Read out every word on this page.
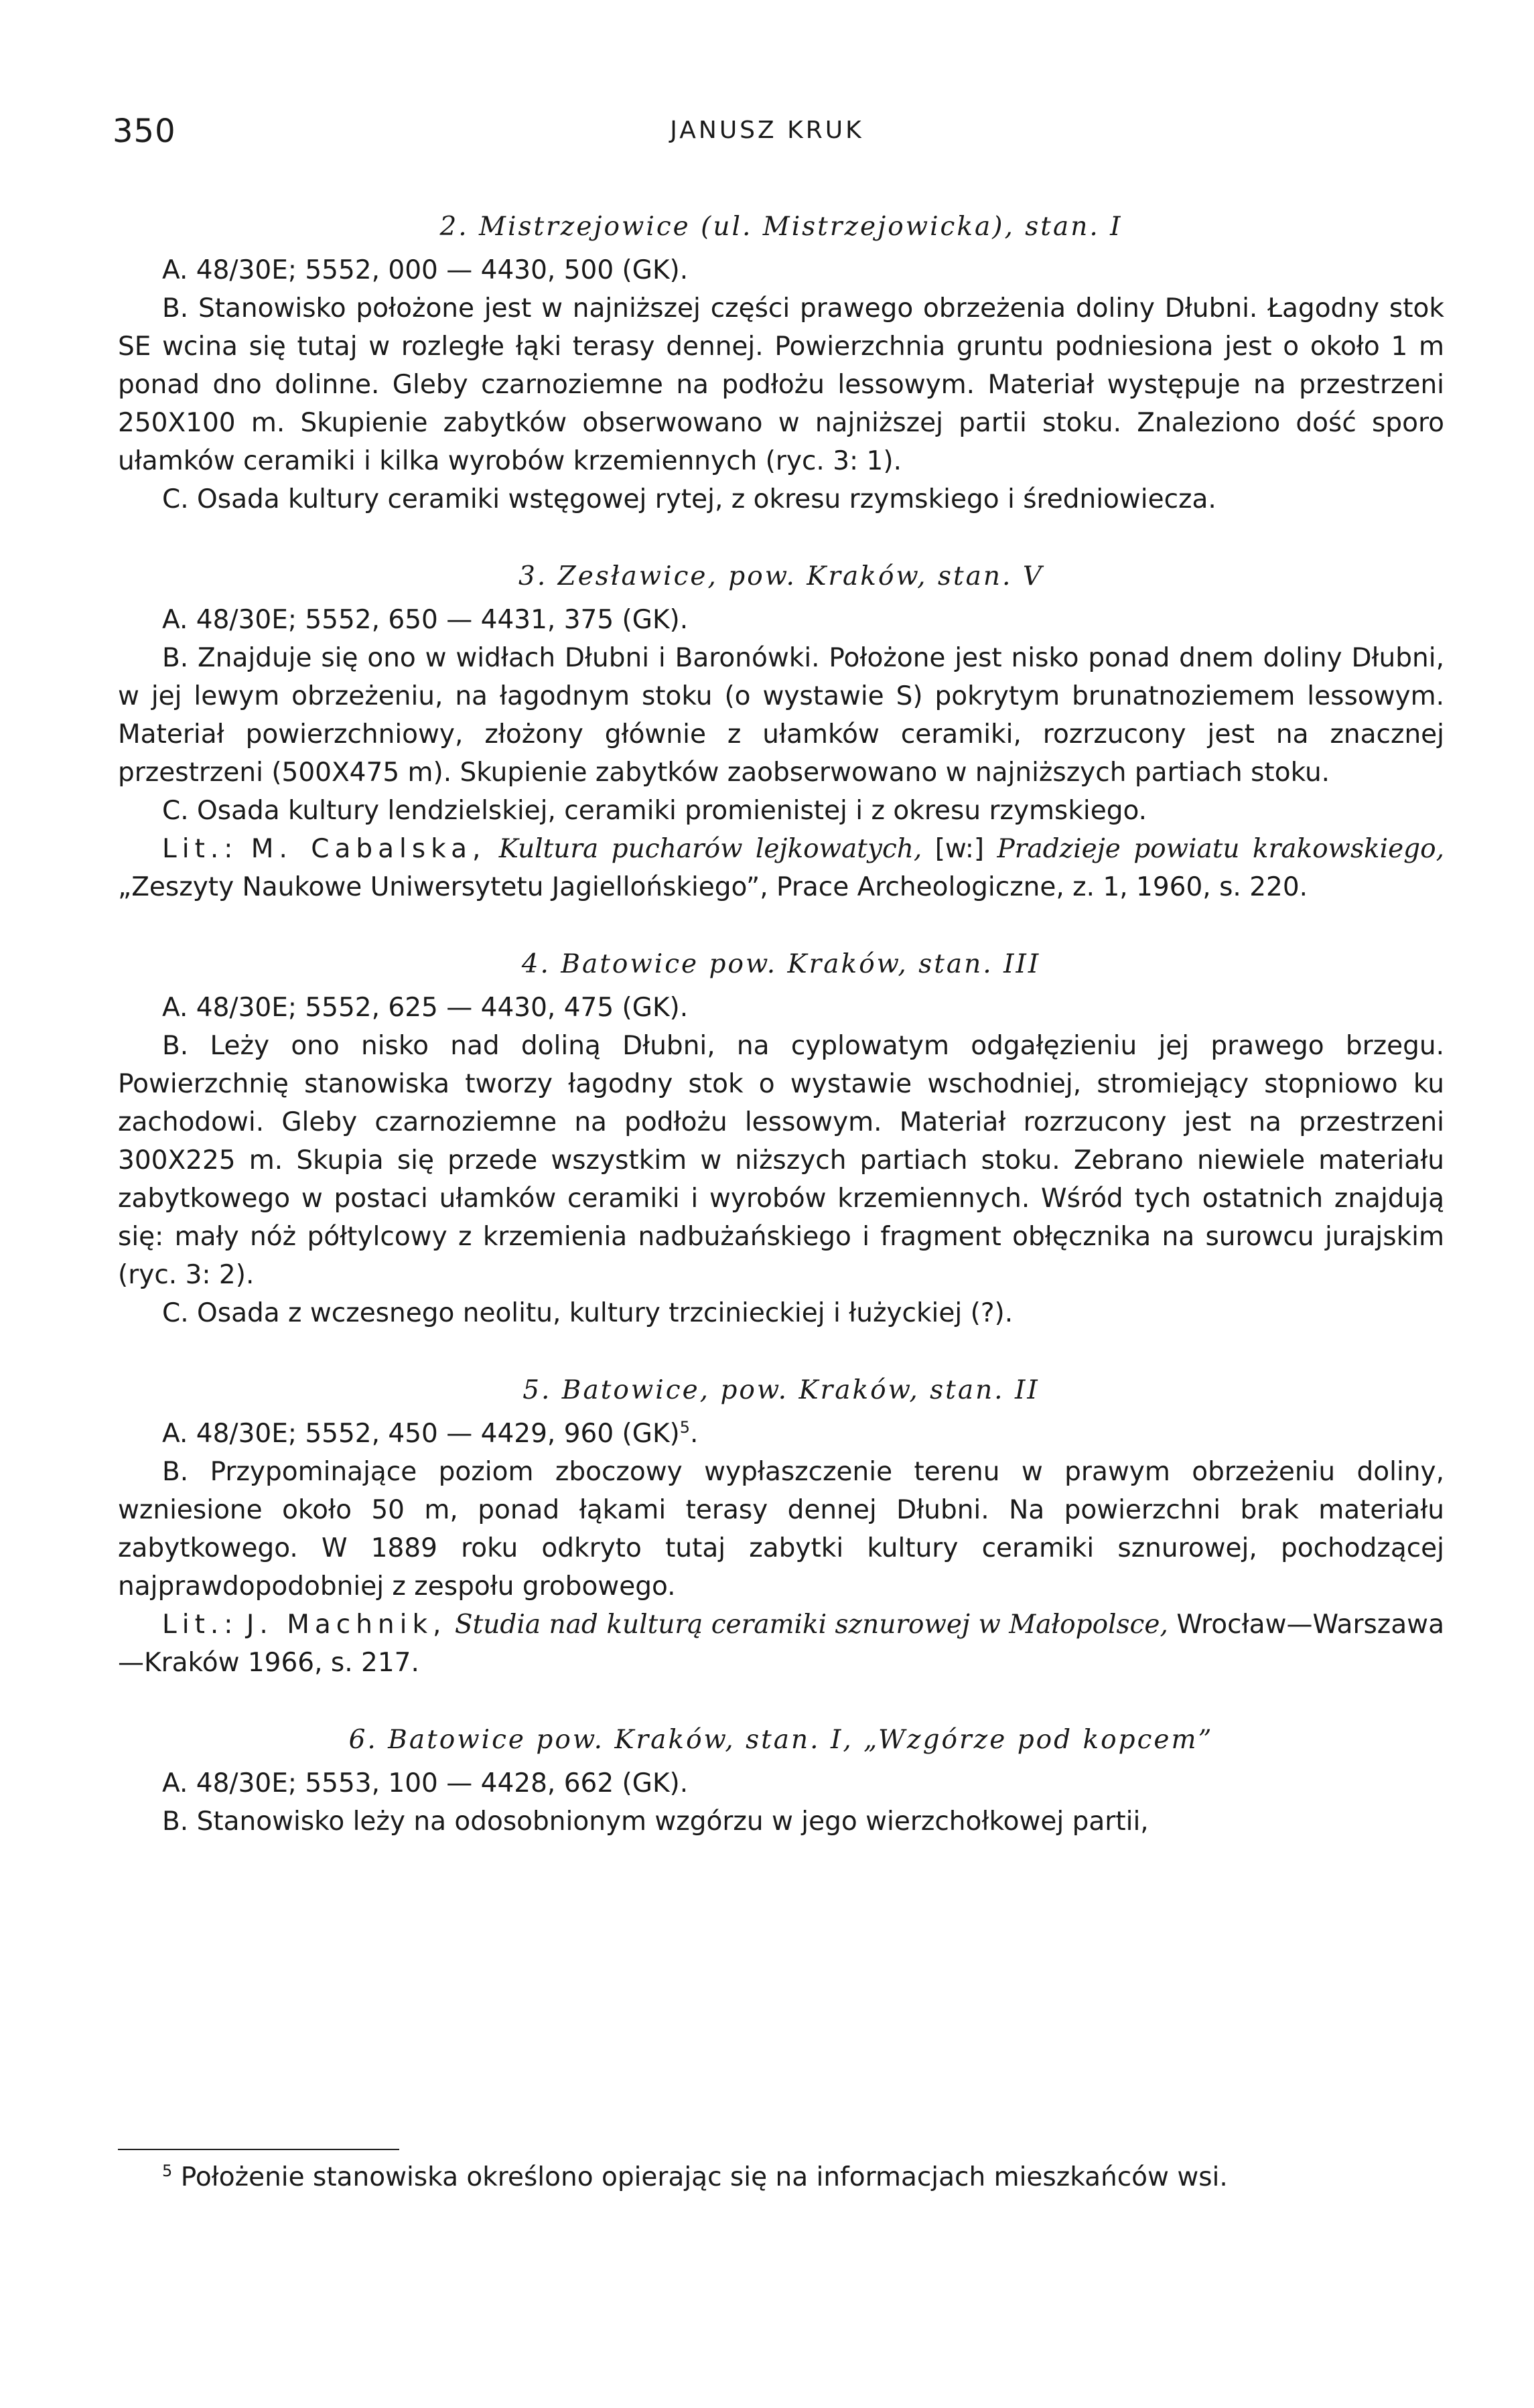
350	JANUSZ KRUK

2. Mistrzejowice (ul. Mistrzejowicka), stan. I

A. 48/30E; 5552, 000 — 4430, 500 (GK).

B. Stanowisko położone jest w najniższej części prawego obrzeżenia doliny Dłubni. Łagodny stok SE wcina się tutaj w rozległe łąki terasy dennej. Powierzchnia gruntu podniesiona jest o około 1 m ponad dno dolinne. Gleby czarnoziemne na podłożu lessowym. Materiał występuje na przestrzeni 250X100 m. Skupienie zabytków obserwowano w najniższej partii stoku. Znaleziono dość sporo ułamków ceramiki i kilka wyrobów krzemiennych (ryc. 3: 1).

C. Osada kultury ceramiki wstęgowej rytej, z okresu rzymskiego i średniowiecza.

3. Zesławice, pow. Kraków, stan. V

A. 48/30E; 5552, 650 — 4431, 375 (GK).

B. Znajduje się ono w widłach Dłubni i Baronówki. Położone jest nisko ponad dnem doliny Dłubni, w jej lewym obrzeżeniu, na łagodnym stoku (o wystawie S) pokrytym brunatnoziemem lessowym. Materiał powierzchniowy, złożony głównie z ułamków ceramiki, rozrzucony jest na znacznej przestrzeni (500X475 m). Skupienie zabytków zaobserwowano w najniższych partiach stoku.

C. Osada kultury lendzielskiej, ceramiki promienistej i z okresu rzymskiego.

Lit.: M. Cabalska, Kultura pucharów lejkowatych, [w:] Pradzieje powiatu krakowskiego, „Zeszyty Naukowe Uniwersytetu Jagiellońskiego”, Prace Archeologiczne, z. 1, 1960, s. 220.

4. Batowice pow. Kraków, stan. III

A. 48/30E; 5552, 625 — 4430, 475 (GK).

B. Leży ono nisko nad doliną Dłubni, na cyplowatym odgałęzieniu jej prawego brzegu. Powierzchnię stanowiska tworzy łagodny stok o wystawie wschodniej, stromiejący stopniowo ku zachodowi. Gleby czarnoziemne na podłożu lessowym. Materiał rozrzucony jest na przestrzeni 300X225 m. Skupia się przede wszystkim w niższych partiach stoku. Zebrano niewiele materiału zabytkowego w postaci ułamków ceramiki i wyrobów krzemiennych. Wśród tych ostatnich znajdują się: mały nóż półtylcowy z krzemienia nadbużańskiego i fragment obłęcznika na surowcu jurajskim (ryc. 3: 2).

C. Osada z wczesnego neolitu, kultury trzcinieckiej i łużyckiej (?).

5. Batowice, pow. Kraków, stan. II

A. 48/30E; 5552, 450 — 4429, 960 (GK)$^5$.

B. Przypominające poziom zboczowy wypłaszczenie terenu w prawym obrzeżeniu doliny, wzniesione około 50 m, ponad łąkami terasy dennej Dłubni. Na powierzchni brak materiału zabytkowego. W 1889 roku odkryto tutaj zabytki kultury ceramiki sznurowej, pochodzącej najprawdopodobniej z zespołu grobowego.

Lit.: J. Machnik, Studia nad kulturą ceramiki sznurowej w Małopolsce, Wrocław—Warszawa—Kraków 1966, s. 217.

6. Batowice pow. Kraków, stan. I, „Wzgórze pod kopcem”

A. 48/30E; 5553, 100 — 4428, 662 (GK).

B. Stanowisko leży na odosobnionym wzgórzu w jego wierzchołkowej partii,

$^5$ Położenie stanowiska określono opierając się na informacjach mieszkańców wsi.
